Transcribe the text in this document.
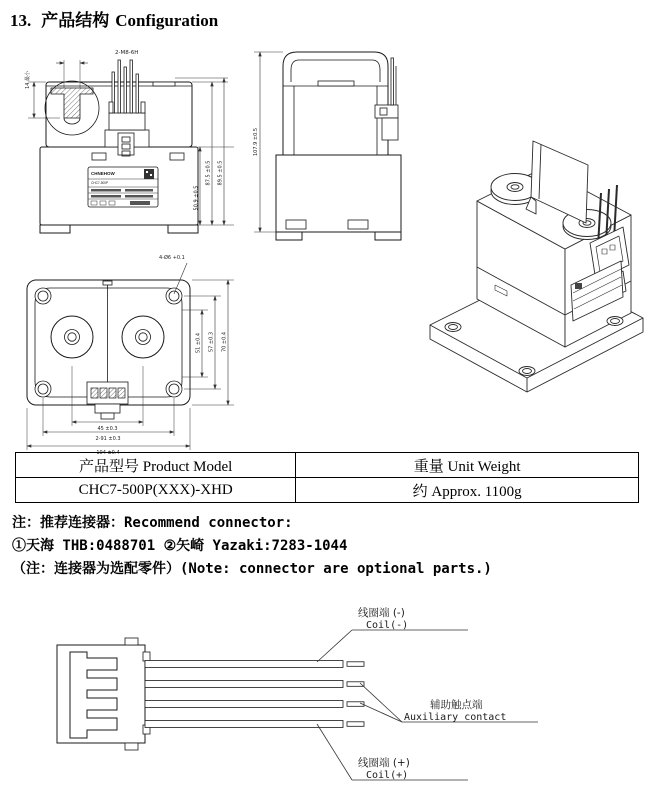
13. 产品结构 Configuration
CHNEHOW
CHC7-500P
2-M8-6H
14 最小
50.9 ±0.5
87.5 ±0.5 89.5 ±0.5
107.9 ±0.5
4-Ø6 +0.1
51 ±0.4 57 ±0.3 70 ±0.4
45 ±0.3
2-91 ±0.3
104 ±0.4
产品型号 Product Model	重量 Unit Weight
CHC7-500P(XXX)-XHD	约 Approx. 1100g

注：推荐连接器：Recommend connector:

①天海 THB:0488701 ②矢崎 Yazaki:7283-1044

（注：连接器为选配零件）(Note: connector are optional parts.)

线圈端 (-)
Coil(-)
辅助触点端
Auxiliary contact
线圈端 (+)
Coil(+)
